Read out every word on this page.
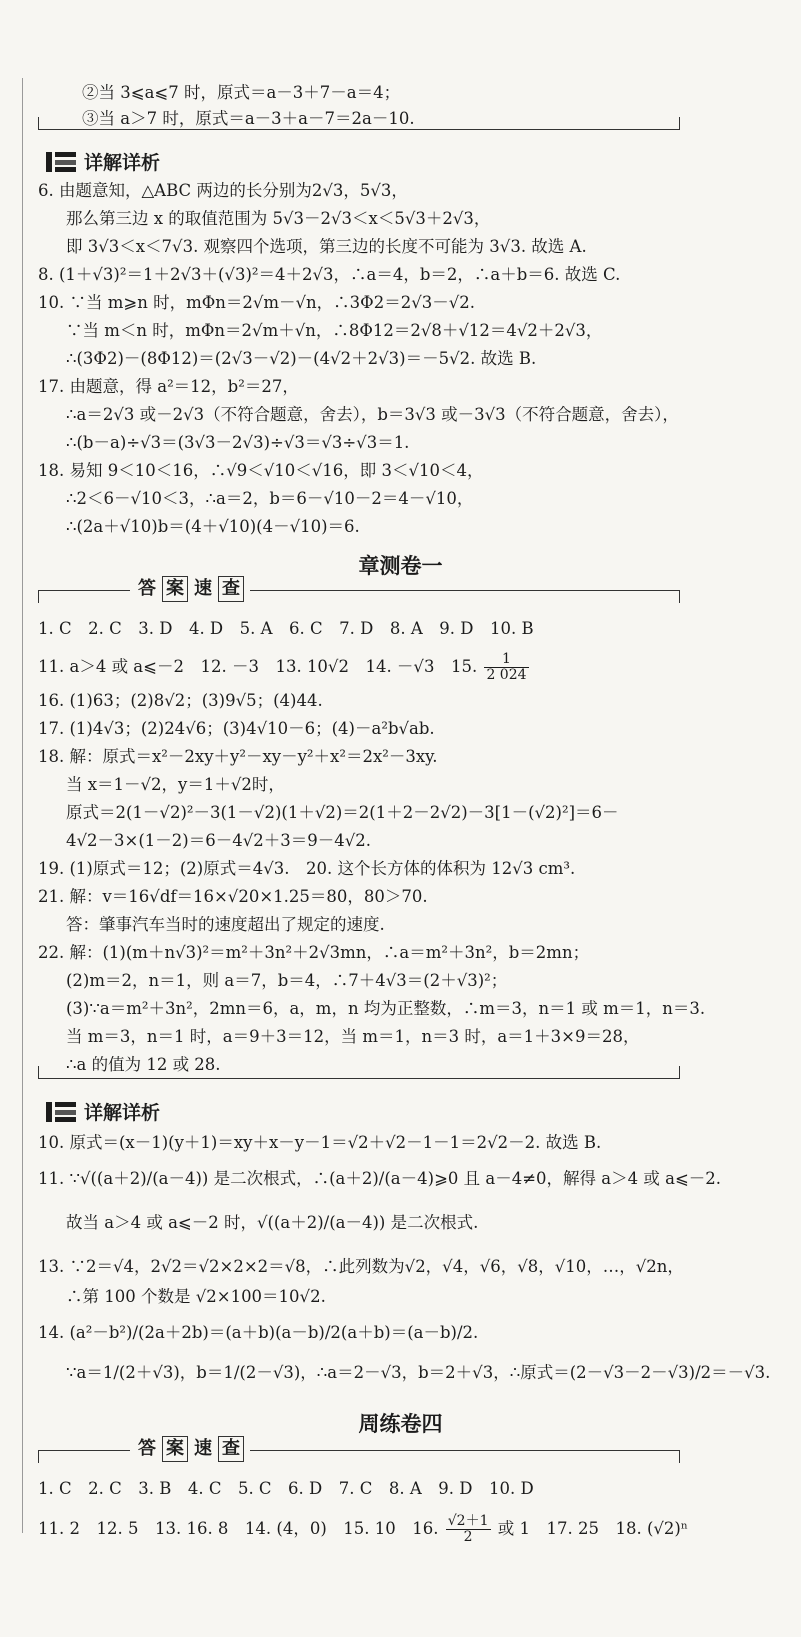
②当 3⩽a⩽7 时，原式＝a－3＋7－a＝4；
③当 a＞7 时，原式＝a－3＋a－7＝2a－10.
详解详析
6. 由题意知，△ABC 两边的长分别为2√3，5√3，
那么第三边 x 的取值范围为 5√3－2√3＜x＜5√3＋2√3，
即 3√3＜x＜7√3. 观察四个选项，第三边的长度不可能为 3√3. 故选 A.
8. (1＋√3)²＝1＋2√3＋(√3)²＝4＋2√3，∴a＝4，b＝2，∴a＋b＝6. 故选 C.
10. ∵当 m⩾n 时，mΦn＝2√m－√n，∴3Φ2＝2√3－√2.
∵当 m＜n 时，mΦn＝2√m＋√n，∴8Φ12＝2√8＋√12＝4√2＋2√3，
∴(3Φ2)－(8Φ12)＝(2√3－√2)－(4√2＋2√3)＝－5√2. 故选 B.
17. 由题意，得 a²＝12，b²＝27，
∴a＝2√3 或－2√3（不符合题意，舍去），b＝3√3 或－3√3（不符合题意，舍去），
∴(b－a)÷√3＝(3√3－2√3)÷√3＝√3÷√3＝1.
18. 易知 9＜10＜16，∴√9＜√10＜√16，即 3＜√10＜4，
∴2＜6－√10＜3，∴a＝2，b＝6－√10－2＝4－√10，
∴(2a＋√10)b＝(4＋√10)(4－√10)＝6.
章测卷一
答 案 速 查
1. C　2. C　3. D　4. D　5. A　6. C　7. D　8. A　9. D　10. B
11. a＞4 或 a⩽－2　12. －3　13. 10√2　14. －√3　15. $\frac{1}{2 024}$
16. (1)63；(2)8√2；(3)9√5；(4)44.
17. (1)4√3；(2)24√6；(3)4√10－6；(4)－a²b√ab.
18. 解：原式＝x²－2xy＋y²－xy－y²＋x²＝2x²－3xy.
当 x＝1－√2，y＝1＋√2时，
原式＝2(1－√2)²－3(1－√2)(1＋√2)＝2(1＋2－2√2)－3[1－(√2)²]＝6－
4√2－3×(1－2)＝6－4√2＋3＝9－4√2.
19. (1)原式＝12；(2)原式＝4√3.　20. 这个长方体的体积为 12√3 cm³.
21. 解：v＝16√df＝16×√20×1.25＝80，80＞70.
答：肇事汽车当时的速度超出了规定的速度.
22. 解：(1)(m＋n√3)²＝m²＋3n²＋2√3mn，∴a＝m²＋3n²，b＝2mn；
(2)m＝2，n＝1，则 a＝7，b＝4，∴7＋4√3＝(2＋√3)²；
(3)∵a＝m²＋3n²，2mn＝6，a，m，n 均为正整数，∴m＝3，n＝1 或 m＝1，n＝3.
当 m＝3，n＝1 时，a＝9＋3＝12，当 m＝1，n＝3 时，a＝1＋3×9＝28，
∴a 的值为 12 或 28.
详解详析
10. 原式＝(x－1)(y＋1)＝xy＋x－y－1＝√2＋√2－1－1＝2√2－2. 故选 B.
11. ∵√((a＋2)/(a－4)) 是二次根式，∴(a＋2)/(a－4)⩾0 且 a－4≠0，解得 a＞4 或 a⩽－2.
故当 a＞4 或 a⩽－2 时，√((a＋2)/(a－4)) 是二次根式.
13. ∵2＝√4，2√2＝√2×2×2＝√8，∴此列数为√2，√4，√6，√8，√10，…，√2n，
∴第 100 个数是 √2×100＝10√2.
14. (a²－b²)/(2a＋2b)＝(a＋b)(a－b)/2(a＋b)＝(a－b)/2.
∵a＝1/(2＋√3)，b＝1/(2－√3)，∴a＝2－√3，b＝2＋√3，∴原式＝(2－√3－2－√3)/2＝－√3.
周练卷四
答 案 速 查
1. C　2. C　3. B　4. C　5. C　6. D　7. C　8. A　9. D　10. D
11. 2　12. 5　13. 16. 8　14. (4，0)　15. 10　16. $\frac{√2+1}{2}$ 或 1　17. 25　18. (√2)ⁿ
